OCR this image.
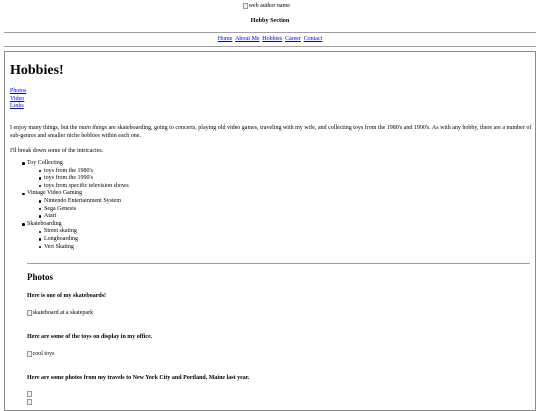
web author name
Hobby Section
Home About Me Hobbies Career Contact
Hobbies!
Photos
Video
Links

I enjoy many things, but the main things are skateboarding, going to concerts, playing old video games, traveling with my wife, and collecting toys from the 1980's and 1990's. As with any hobby, there are a number of sub-genres and smaller niche hobbies within each one.

I'll break down some of the intricacies.

Toy Collecting
toys from the 1980's
toys from the 1990's
toys from specific television shows
Vintage Video Gaming
Nintendo Entertainment System
Sega Genesis
Atari
Skateboarding
Street skating
Longboarding
Vert Skating
Photos

Here is one of my skateboards!

skateboard at a skatepark

Here are some of the toys on display in my office.

cool toys

Here are some photos from my travels to New York City and Portland, Maine last year.
